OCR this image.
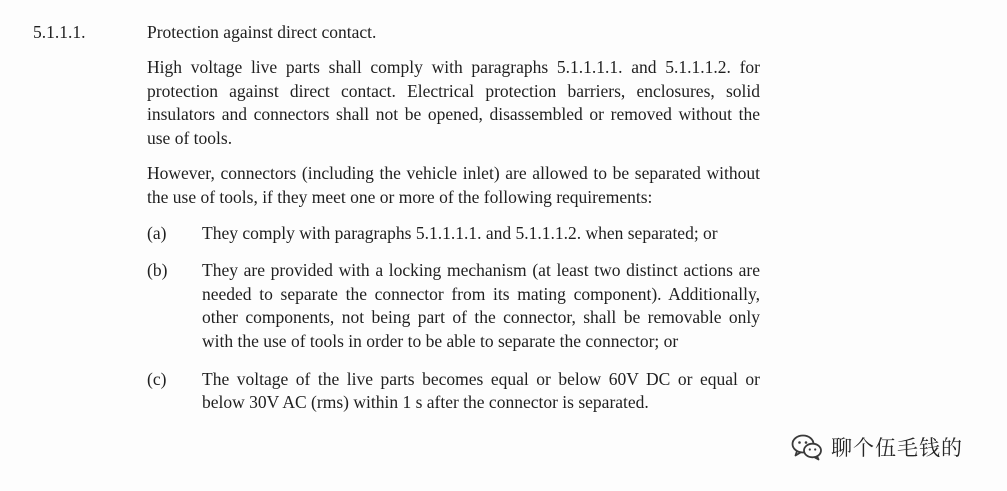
5.1.1.1.	Protection against direct contact.

High voltage live parts shall comply with paragraphs 5.1.1.1.1. and 5.1.1.1.2. for protection against direct contact. Electrical protection barriers, enclosures, solid insulators and connectors shall not be opened, disassembled or removed without the use of tools.

However, connectors (including the vehicle inlet) are allowed to be separated without the use of tools, if they meet one or more of the following requirements:

(a)	They comply with paragraphs 5.1.1.1.1. and 5.1.1.1.2. when separated; or
(b)	They are provided with a locking mechanism (at least two distinct actions are needed to separate the connector from its mating component). Additionally, other components, not being part of the connector, shall be removable only with the use of tools in order to be able to separate the connector; or
(c)	The voltage of the live parts becomes equal or below 60V DC or equal or below 30V AC (rms) within 1 s after the connector is separated.
聊个伍毛钱的
